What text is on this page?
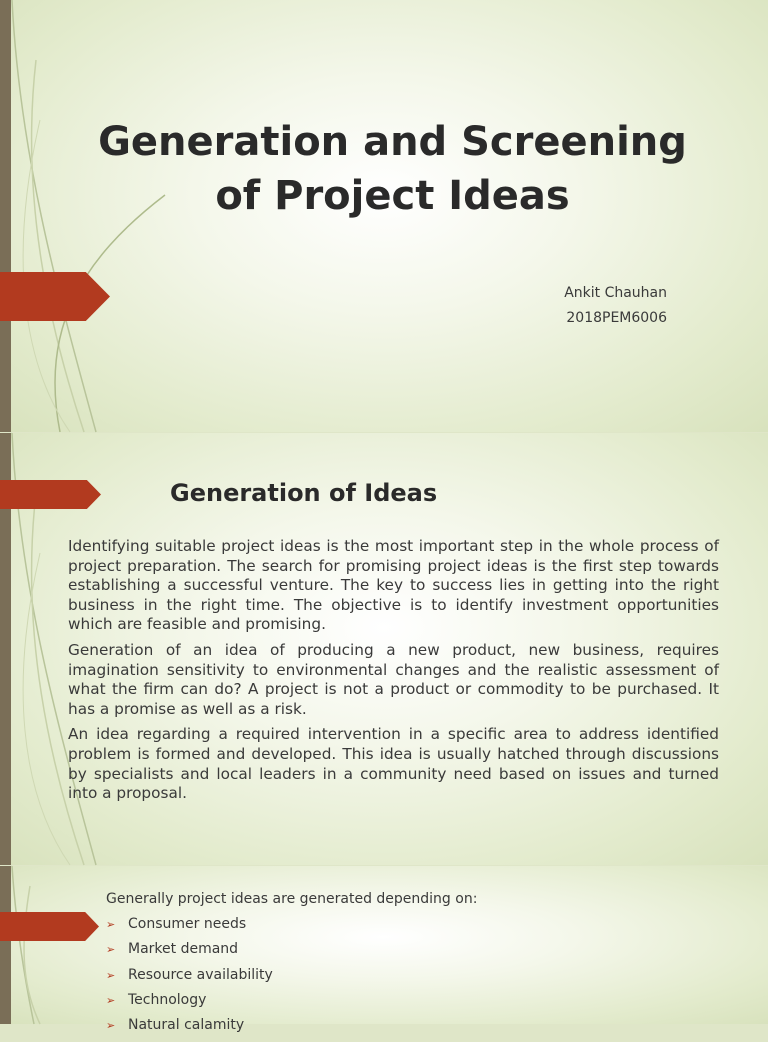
Generation and Screening
of Project Ideas
Ankit Chauhan
2018PEM6006
Generation of Ideas

Identifying suitable project ideas is the most important step in the whole process of project preparation. The search for promising project ideas is the first step towards establishing a successful venture. The key to success lies in getting into the right business in the right time. The objective is to identify investment opportunities which are feasible and promising.

Generation of an idea of producing a new product, new business, requires imagination sensitivity to environmental changes and the realistic assessment of what the firm can do? A project is not a product or commodity to be purchased. It has a promise as well as a risk.

An idea regarding a required intervention in a specific area to address identified problem is formed and developed. This idea is usually hatched through discussions by specialists and local leaders in a community need based on issues and turned into a proposal.

Generally project ideas are generated depending on:
➢ Consumer needs
➢ Market demand
➢ Resource availability
➢ Technology
➢ Natural calamity
